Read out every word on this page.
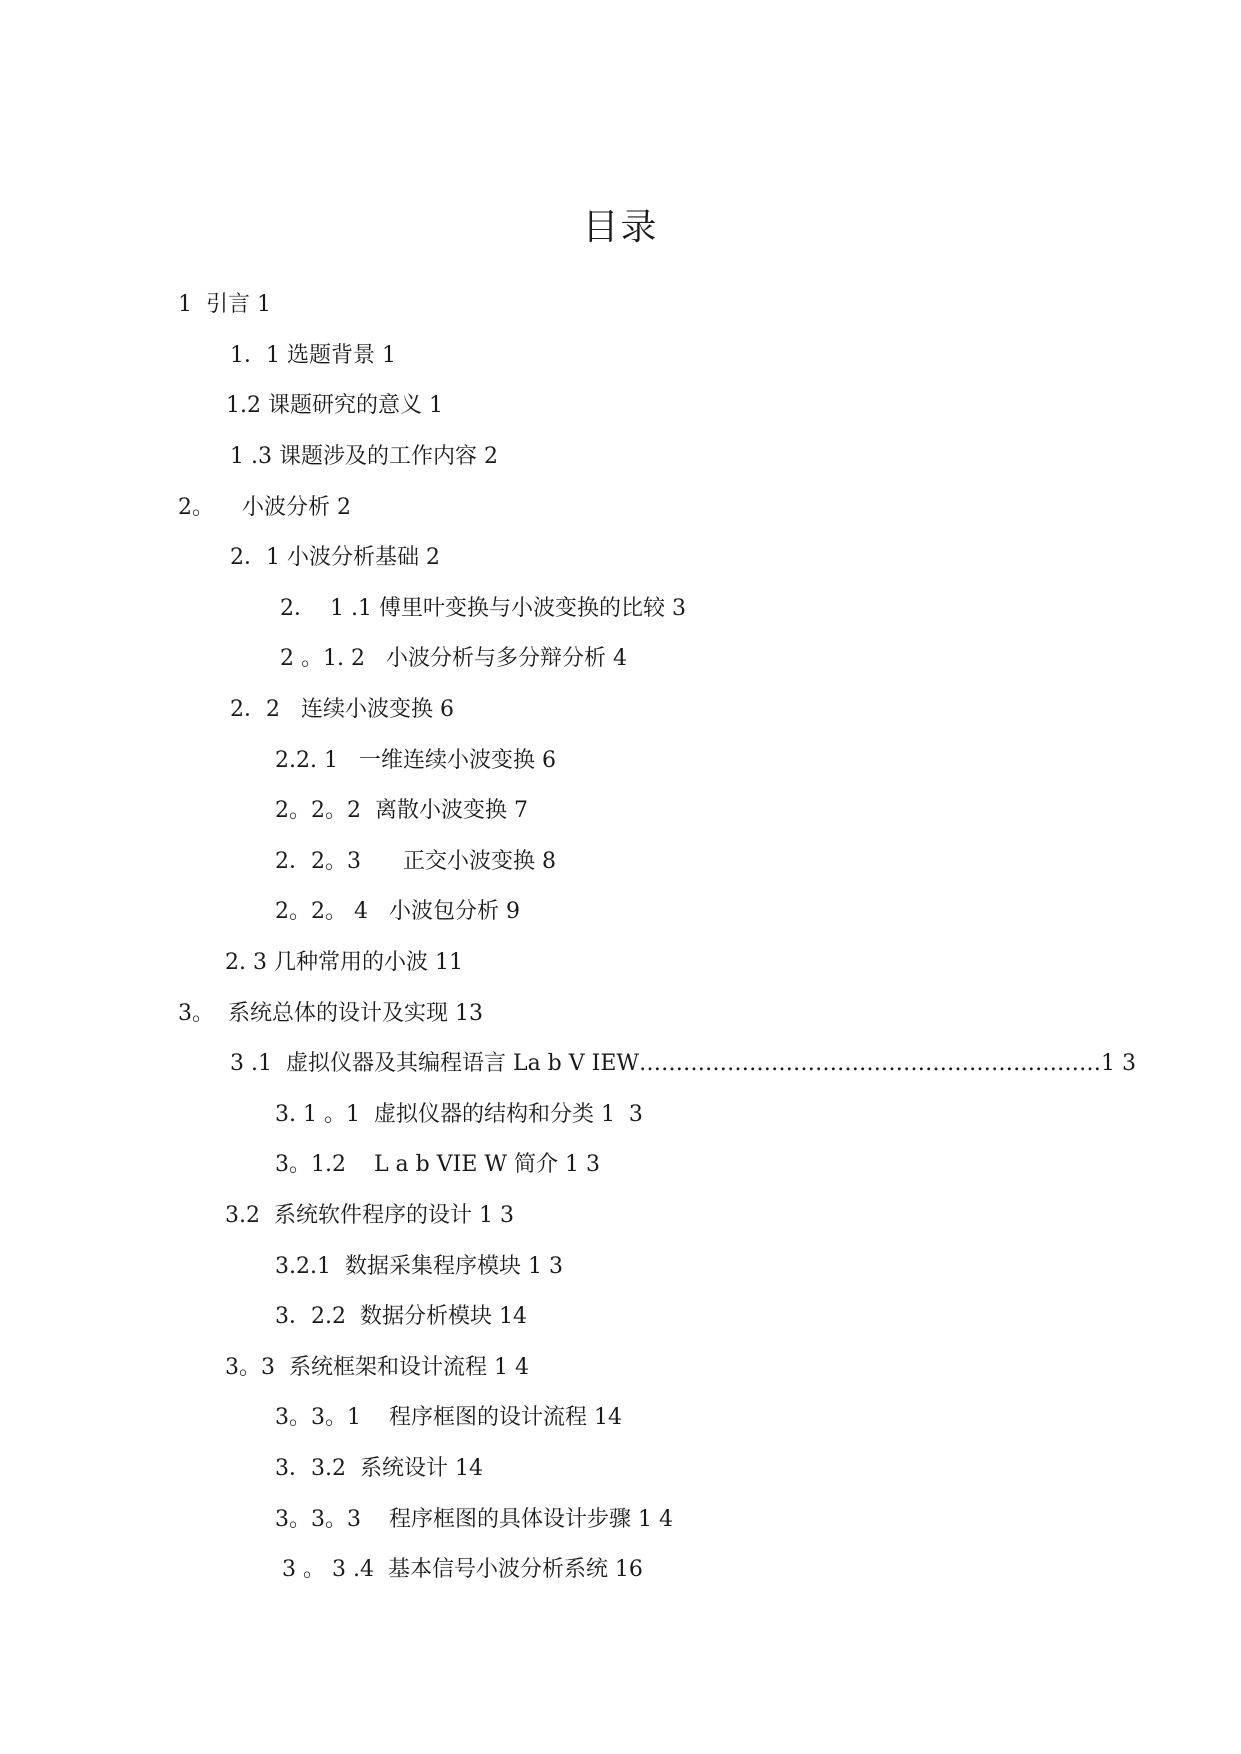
目录
1  引言 1
1．1 选题背景 1
1.2 课题研究的意义 1
1 .3 课题涉及的工作内容 2
2。    小波分析 2
2．1 小波分析基础 2
2．  1 .1 傅里叶变换与小波变换的比较 3
2 。1. 2   小波分析与多分辩分析 4
2．2   连续小波变换 6
2.2. 1   一维连续小波变换 6
2。2。2  离散小波变换 7
2．2。3      正交小波变换 8
2。2。 4   小波包分析 9
2. 3 几种常用的小波 11
3。  系统总体的设计及实现 13
3 .1  虚拟仪器及其编程语言 La b V IEW………………………………………………………1 3
3. 1 。1  虚拟仪器的结构和分类 1  3
3。1.2    L a b VIE W 简介 1 3
3.2  系统软件程序的设计 1 3
3.2.1  数据采集程序模块 1 3
3．2.2  数据分析模块 14
3。3  系统框架和设计流程 1 4
3。3。1    程序框图的设计流程 14
3．3.2  系统设计 14
3。3。3    程序框图的具体设计步骤 1 4
3 。 3 .4  基本信号小波分析系统 16
